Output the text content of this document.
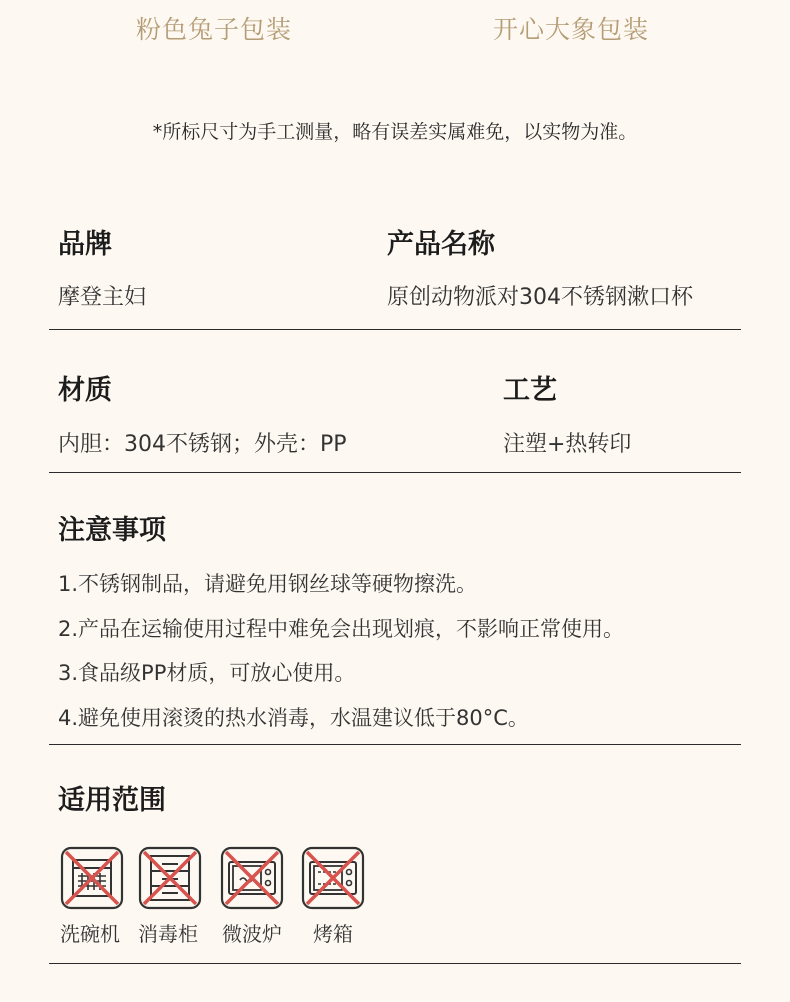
粉色兔子包装	开心大象包装
*所标尺寸为手工测量，略有误差实属难免，以实物为准。
品牌
摩登主妇
产品名称
原创动物派对304不锈钢漱口杯
材质
内胆：304不锈钢；外壳：PP
工艺
注塑+热转印
注意事项
1.不锈钢制品，请避免用钢丝球等硬物擦洗。
2.产品在运输使用过程中难免会出现划痕，不影响正常使用。
3.食品级PP材质，可放心使用。
4.避免使用滚烫的热水消毒，水温建议低于80°C。
适用范围
洗碗机 消毒柜 微波炉 烤箱
